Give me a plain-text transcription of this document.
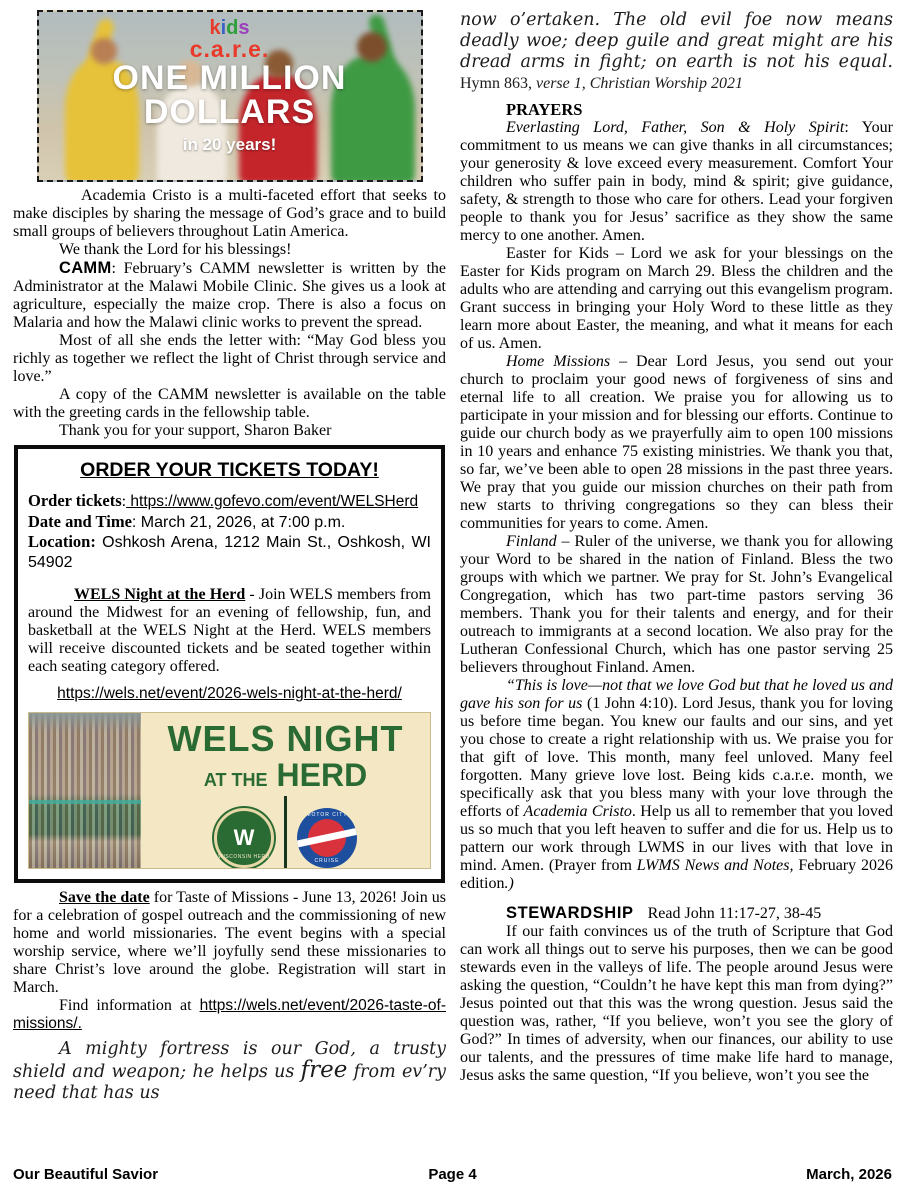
kids
c.a.r.e.
ONE MILLION
DOLLARS
in 20 years!

Academia Cristo is a multi-faceted effort that seeks to make disciples by sharing the message of God’s grace and to build small groups of believers throughout Latin America.

We thank the Lord for his blessings!

CAMM: February’s CAMM newsletter is written by the Administrator at the Malawi Mobile Clinic. She gives us a look at agriculture, especially the maize crop. There is also a focus on Malaria and how the Malawi clinic works to prevent the spread.

Most of all she ends the letter with: “May God bless you richly as together we reflect the light of Christ through service and love.”

A copy of the CAMM newsletter is available on the table with the greeting cards in the fellowship table.

Thank you for your support, Sharon Baker

ORDER YOUR TICKETS TODAY!

Order tickets: https://www.gofevo.com/event/WELSHerd

Date and Time: March 21, 2026, at 7:00 p.m.

Location: Oshkosh Arena, 1212 Main St., Oshkosh, WI 54902

WELS Night at the Herd - Join WELS members from around the Midwest for an evening of fellowship, fun, and basketball at the WELS Night at the Herd. WELS members will receive discounted tickets and be seated together within each seating category offered.

https://wels.net/event/2026-wels-night-at-the-herd/

WELS NIGHT
AT THE HERD
W
WISCONSIN HERD
MOTOR CITY
CRUISE

Save the date for Taste of Missions - June 13, 2026! Join us for a celebration of gospel outreach and the commissioning of new home and world missionaries. The event begins with a special worship service, where we’ll joyfully send these missionaries to share Christ’s love around the globe. Registration will start in March.

Find information at https://wels.net/event/2026-taste-of-missions/.

A mighty fortress is our God, a trusty shield and weapon; he helps us free from ev’ry need that has us

now o’ertaken. The old evil foe now means deadly woe; deep guile and great might are his dread arms in fight; on earth is not his equal. Hymn 863, verse 1, Christian Worship 2021

PRAYERS

Everlasting Lord, Father, Son & Holy Spirit: Your commitment to us means we can give thanks in all circumstances; your generosity & love exceed every measurement. Comfort Your children who suffer pain in body, mind & spirit; give guidance, safety, & strength to those who care for others. Lead your forgiven people to thank you for Jesus’ sacrifice as they show the same mercy to one another. Amen.

Easter for Kids – Lord we ask for your blessings on the Easter for Kids program on March 29. Bless the children and the adults who are attending and carrying out this evangelism program. Grant success in bringing your Holy Word to these little as they learn more about Easter, the meaning, and what it means for each of us. Amen.

Home Missions – Dear Lord Jesus, you send out your church to proclaim your good news of forgiveness of sins and eternal life to all creation. We praise you for allowing us to participate in your mission and for blessing our efforts. Continue to guide our church body as we prayerfully aim to open 100 missions in 10 years and enhance 75 existing ministries. We thank you that, so far, we’ve been able to open 28 missions in the past three years. We pray that you guide our mission churches on their path from new starts to thriving congregations so they can bless their communities for years to come. Amen.

Finland – Ruler of the universe, we thank you for allowing your Word to be shared in the nation of Finland. Bless the two groups with which we partner. We pray for St. John’s Evangelical Congregation, which has two part-time pastors serving 36 members. Thank you for their talents and energy, and for their outreach to immigrants at a second location. We also pray for the Lutheran Confessional Church, which has one pastor serving 25 believers throughout Finland. Amen.

“This is love—not that we love God but that he loved us and gave his son for us (1 John 4:10). Lord Jesus, thank you for loving us before time began. You knew our faults and our sins, and yet you chose to create a right relationship with us. We praise you for that gift of love. This month, many feel unloved. Many feel forgotten. Many grieve love lost. Being kids c.a.r.e. month, we specifically ask that you bless many with your love through the efforts of Academia Cristo. Help us all to remember that you loved us so much that you left heaven to suffer and die for us. Help us to pattern our work through LWMS in our lives with that love in mind. Amen. (Prayer from LWMS News and Notes, February 2026 edition.)

STEWARDSHIP Read John 11:17-27, 38-45

If our faith convinces us of the truth of Scripture that God can work all things out to serve his purposes, then we can be good stewards even in the valleys of life. The people around Jesus were asking the question, “Couldn’t he have kept this man from dying?” Jesus pointed out that this was the wrong question. Jesus said the question was, rather, “If you believe, won’t you see the glory of God?” In times of adversity, when our finances, our ability to use our talents, and the pressures of time make life hard to manage, Jesus asks the same question, “If you believe, won’t you see the

Our Beautiful Savior	Page 4	March, 2026
